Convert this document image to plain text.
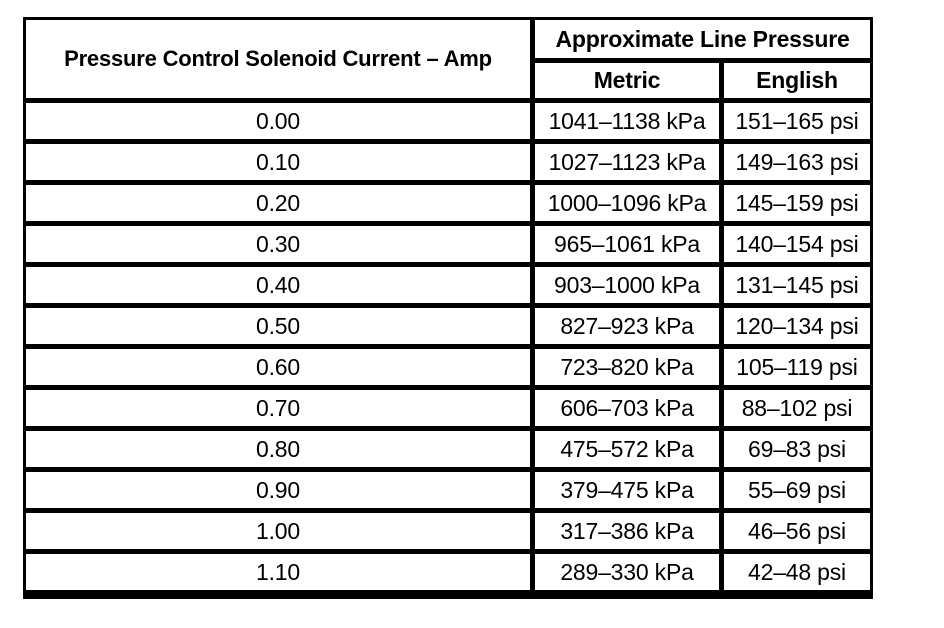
Pressure Control Solenoid Current – Amp
Approximate Line Pressure
Metric	English
0.00	1041–1138 kPa	151–165 psi
0.10	1027–1123 kPa	149–163 psi
0.20	1000–1096 kPa	145–159 psi
0.30	965–1061 kPa	140–154 psi
0.40	903–1000 kPa	131–145 psi
0.50	827–923 kPa	120–134 psi
0.60	723–820 kPa	105–119 psi
0.70	606–703 kPa	88–102 psi
0.80	475–572 kPa	69–83 psi
0.90	379–475 kPa	55–69 psi
1.00	317–386 kPa	46–56 psi
1.10	289–330 kPa	42–48 psi
